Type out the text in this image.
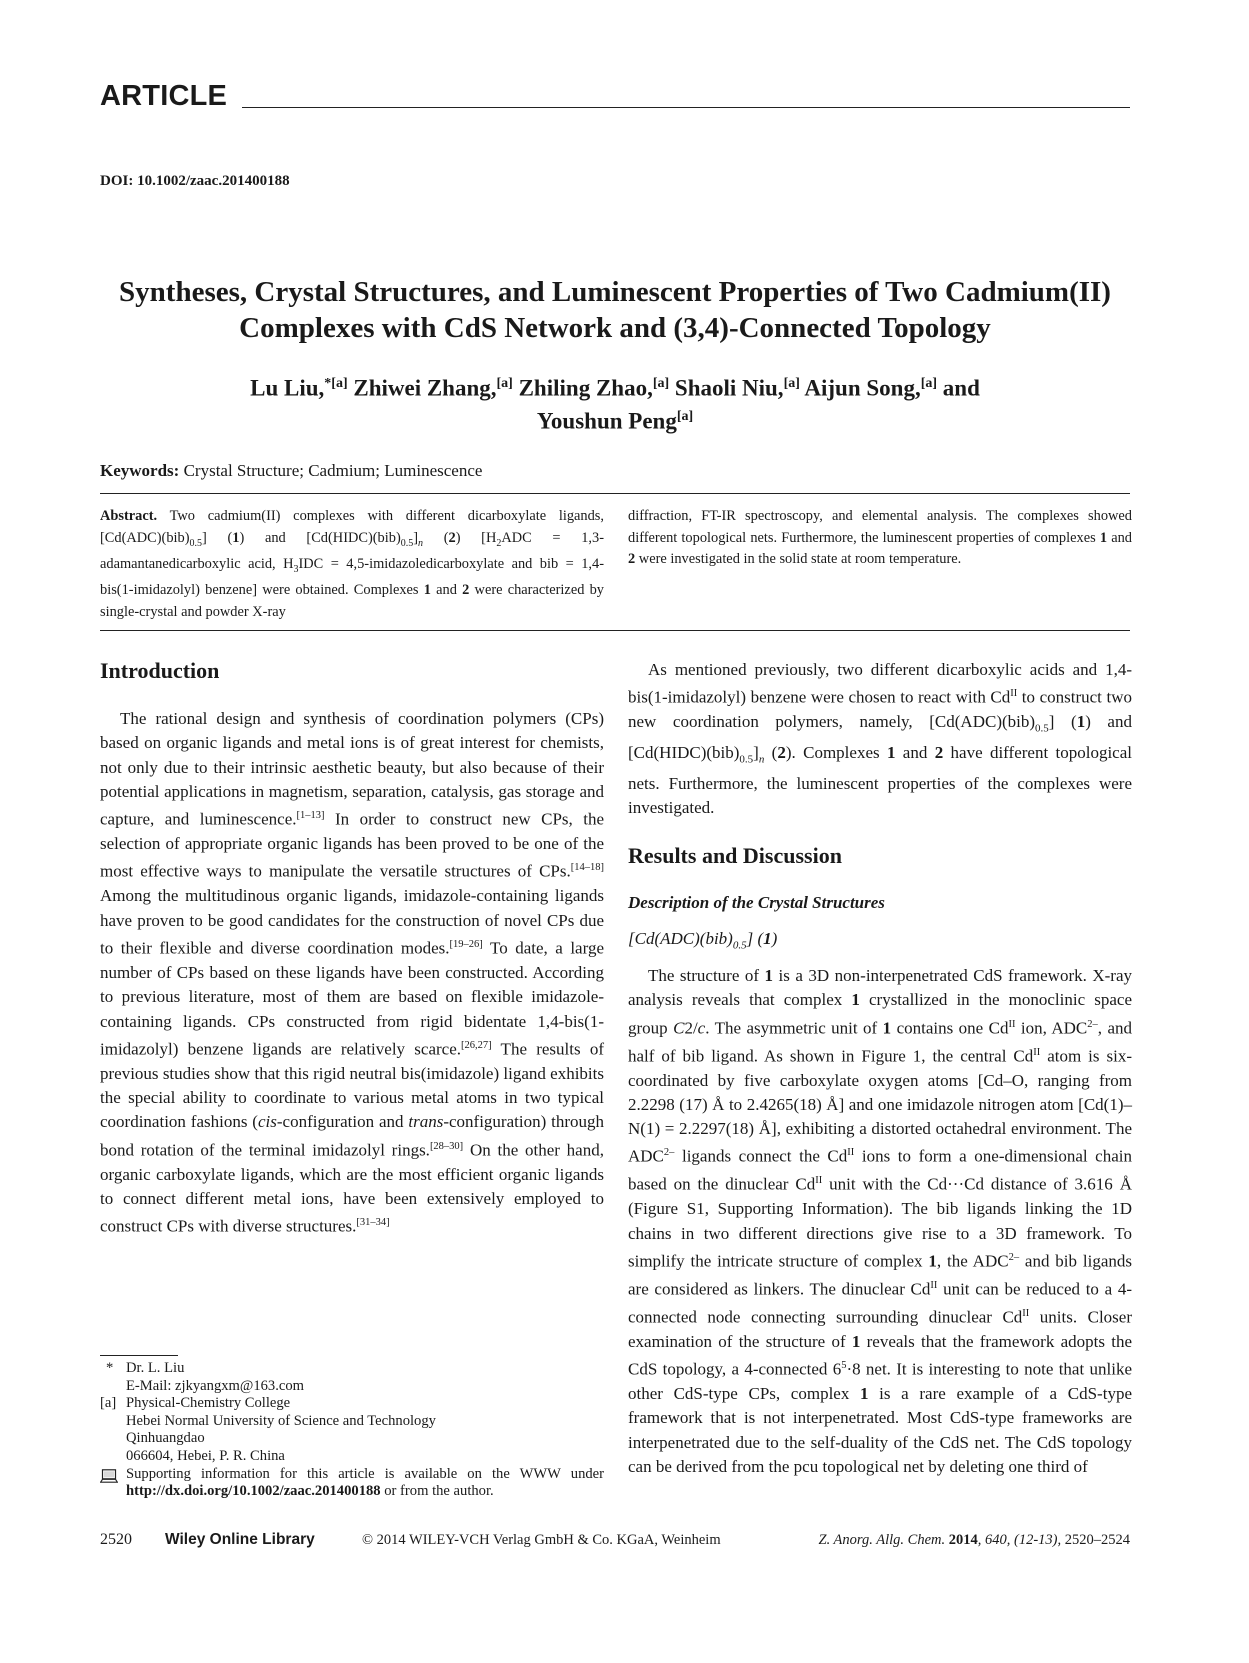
ARTICLE
DOI: 10.1002/zaac.201400188
Syntheses, Crystal Structures, and Luminescent Properties of Two Cadmium(II) Complexes with CdS Network and (3,4)-Connected Topology
Lu Liu,$^{*[a]}$ Zhiwei Zhang,[a] Zhiling Zhao,[a] Shaoli Niu,[a] Aijun Song,[a] and
Youshun Peng[a]
Keywords: Crystal Structure; Cadmium; Luminescence
Abstract. Two cadmium(II) complexes with different dicarboxylate ligands, $[Cd(ADC)(bib)_{0.5}]$ (1) and $[Cd(HIDC)(bib)_{0.5}]_n$ (2) [$H_2ADC$ = 1,3-adamantanedicarboxylic acid, $H_3IDC$ = 4,5-imidazoledicarboxylate and bib = 1,4-bis(1-imidazolyl) benzene] were obtained. Complexes 1 and 2 were characterized by single-crystal and powder X-ray
diffraction, FT-IR spectroscopy, and elemental analysis. The complexes showed different topological nets. Furthermore, the luminescent properties of complexes 1 and 2 were investigated in the solid state at room temperature.
Introduction

The rational design and synthesis of coordination polymers (CPs) based on organic ligands and metal ions is of great interest for chemists, not only due to their intrinsic aesthetic beauty, but also because of their potential applications in magnetism, separation, catalysis, gas storage and capture, and luminescence.[1–13] In order to construct new CPs, the selection of appropriate organic ligands has been proved to be one of the most effective ways to manipulate the versatile structures of CPs.[14–18] Among the multitudinous organic ligands, imidazole-containing ligands have proven to be good candidates for the construction of novel CPs due to their flexible and diverse coordination modes.[19–26] To date, a large number of CPs based on these ligands have been constructed. According to previous literature, most of them are based on flexible imidazole-containing ligands. CPs constructed from rigid bidentate 1,4-bis(1-imidazolyl) benzene ligands are relatively scarce.[26,27] The results of previous studies show that this rigid neutral bis(imidazole) ligand exhibits the special ability to coordinate to various metal atoms in two typical coordination fashions (cis-configuration and trans-configuration) through bond rotation of the terminal imidazolyl rings.[28–30] On the other hand, organic carboxylate ligands, which are the most efficient organic ligands to connect different metal ions, have been extensively employed to construct CPs with diverse structures.[31–34]

As mentioned previously, two different dicarboxylic acids and 1,4-bis(1-imidazolyl) benzene were chosen to react with $Cd^{II}$ to construct two new coordination polymers, namely, $[Cd(ADC)(bib)_{0.5}]$ (1) and $[Cd(HIDC)(bib)_{0.5}]_n$ (2). Complexes 1 and 2 have different topological nets. Furthermore, the luminescent properties of the complexes were investigated.

Results and Discussion
Description of the Crystal Structures
$[Cd(ADC)(bib)_{0.5}]$ (1)

The structure of 1 is a 3D non-interpenetrated CdS framework. X-ray analysis reveals that complex 1 crystallized in the monoclinic space group C2/c. The asymmetric unit of 1 contains one $Cd^{II}$ ion, $ADC^{2-}$, and half of bib ligand. As shown in Figure 1, the central $Cd^{II}$ atom is six-coordinated by five carboxylate oxygen atoms [Cd–O, ranging from 2.2298 (17) Å to 2.4265(18) Å] and one imidazole nitrogen atom [Cd(1)–N(1) = 2.2297(18) Å], exhibiting a distorted octahedral environment. The $ADC^{2-}$ ligands connect the $Cd^{II}$ ions to form a one-dimensional chain based on the dinuclear $Cd^{II}$ unit with the Cd···Cd distance of 3.616 Å (Figure S1, Supporting Information). The bib ligands linking the 1D chains in two different directions give rise to a 3D framework. To simplify the intricate structure of complex 1, the $ADC^{2-}$ and bib ligands are considered as linkers. The dinuclear $Cd^{II}$ unit can be reduced to a 4-connected node connecting surrounding dinuclear $Cd^{II}$ units. Closer examination of the structure of 1 reveals that the framework adopts the CdS topology, a 4-connected $6^5\cdot 8$ net. It is interesting to note that unlike other CdS-type CPs, complex 1 is a rare example of a CdS-type framework that is not interpenetrated. Most CdS-type frameworks are interpenetrated due to the self-duality of the CdS net. The CdS topology can be derived from the pcu topological net by deleting one third of

* Dr. L. Liu
E-Mail: zjkyangxm@163.com
[a] Physical-Chemistry College
Hebei Normal University of Science and Technology
Qinhuangdao
066604, Hebei, P. R. China
Supporting information for this article is available on the WWW under http://dx.doi.org/10.1002/zaac.201400188 or from the author.
2520 Wiley Online Library	© 2014 WILEY-VCH Verlag GmbH & Co. KGaA, Weinheim	Z. Anorg. Allg. Chem. 2014, 640, (12-13), 2520–2524
